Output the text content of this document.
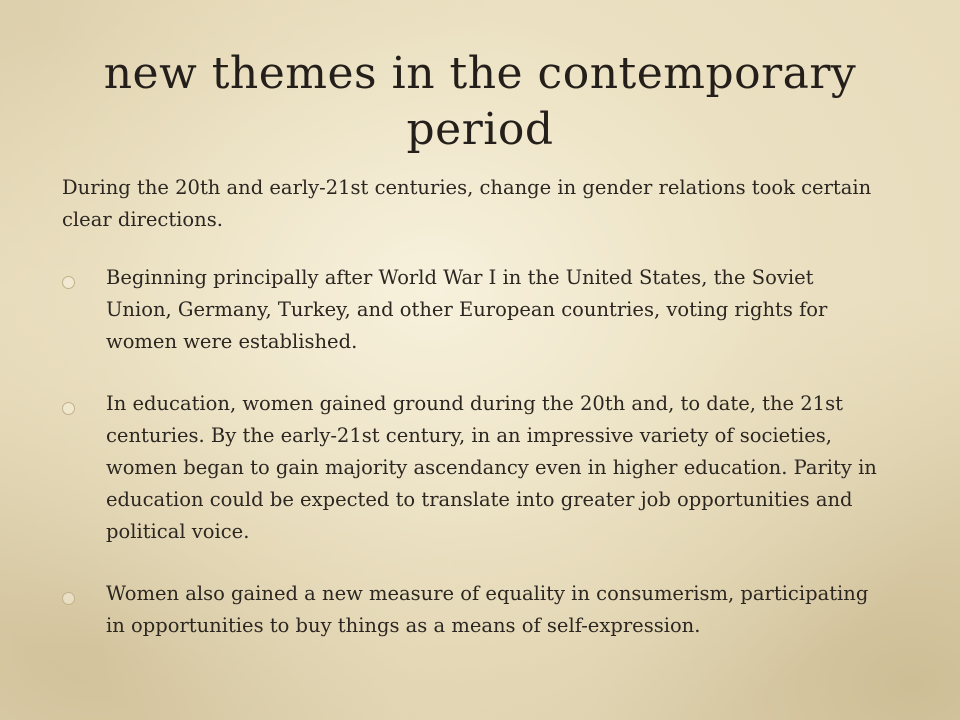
new themes in the contemporary period

During the 20th and early-21st centuries, change in gender relations took certain clear directions.

Beginning principally after World War I in the United States, the Soviet Union, Germany, Turkey, and other European countries, voting rights for women were established.
In education, women gained ground during the 20th and, to date, the 21st centuries. By the early-21st century, in an impressive variety of societies, women began to gain majority ascendancy even in higher education. Parity in education could be expected to translate into greater job opportunities and political voice.
Women also gained a new measure of equality in consumerism, participating in opportunities to buy things as a means of self-expression.
